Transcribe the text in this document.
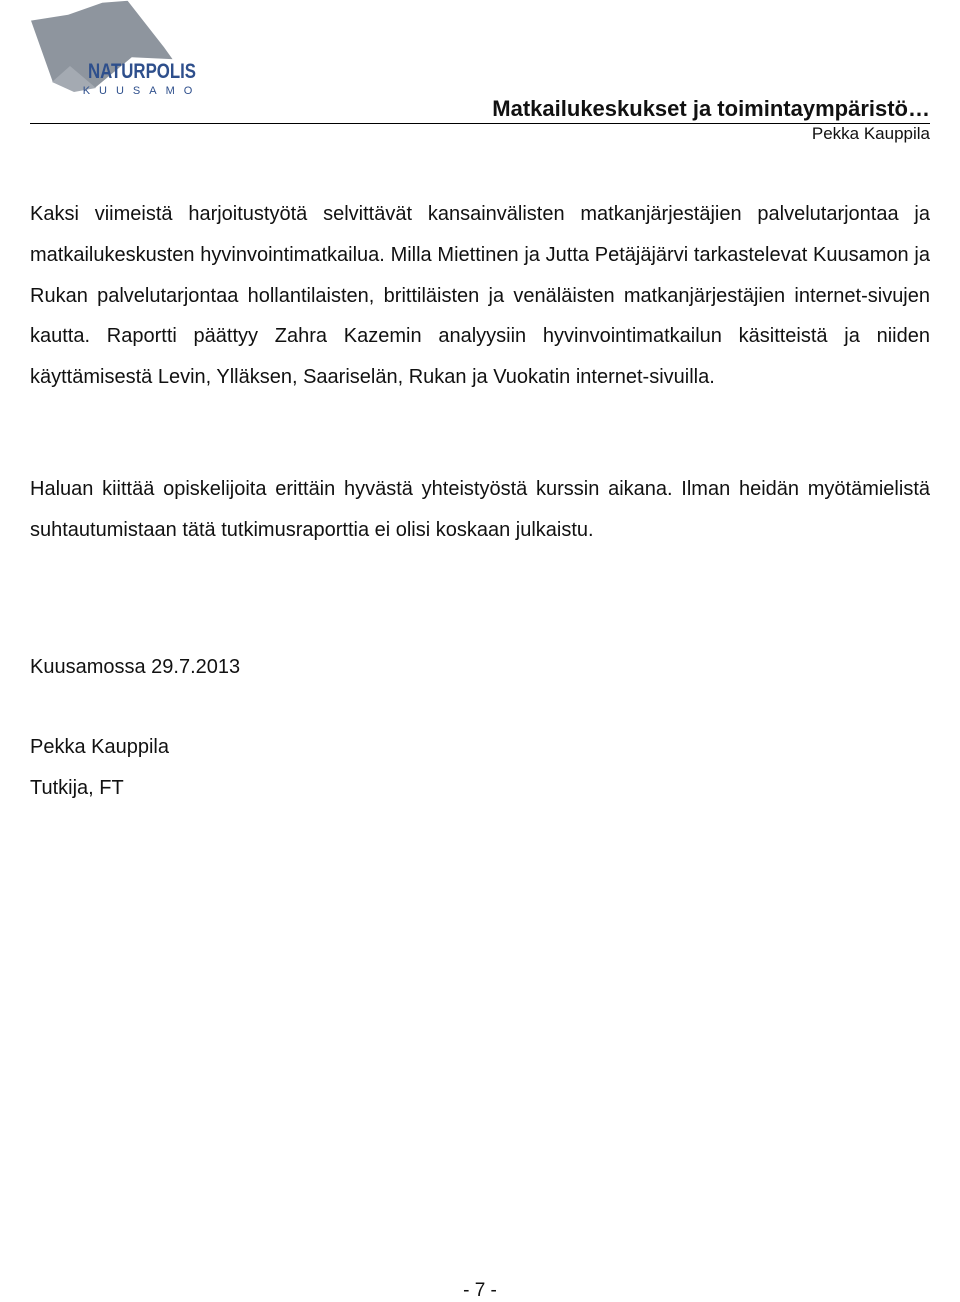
NATURPOLIS
KUUSAMO
Matkailukeskukset ja toimintaympäristö…
Pekka Kauppila

Kaksi viimeistä harjoitustyötä selvittävät kansainvälisten matkanjärjestäjien palvelutarjontaa ja matkailukeskusten hyvinvointimatkailua. Milla Miettinen ja Jutta Petäjäjärvi tarkastelevat Kuusamon ja Rukan palvelutarjontaa hollantilaisten, brittiläisten ja venäläisten matkanjärjestäjien internet-sivujen kautta. Raportti päättyy Zahra Kazemin analyysiin hyvinvointimatkailun käsitteistä ja niiden käyttämisestä Levin, Ylläksen, Saariselän, Rukan ja Vuokatin internet-sivuilla.

Haluan kiittää opiskelijoita erittäin hyvästä yhteistyöstä kurssin aikana. Ilman heidän myötämielistä suhtautumistaan tätä tutkimusraporttia ei olisi koskaan julkaistu.

Kuusamossa 29.7.2013

Pekka Kauppila

Tutkija, FT

- 7 -
